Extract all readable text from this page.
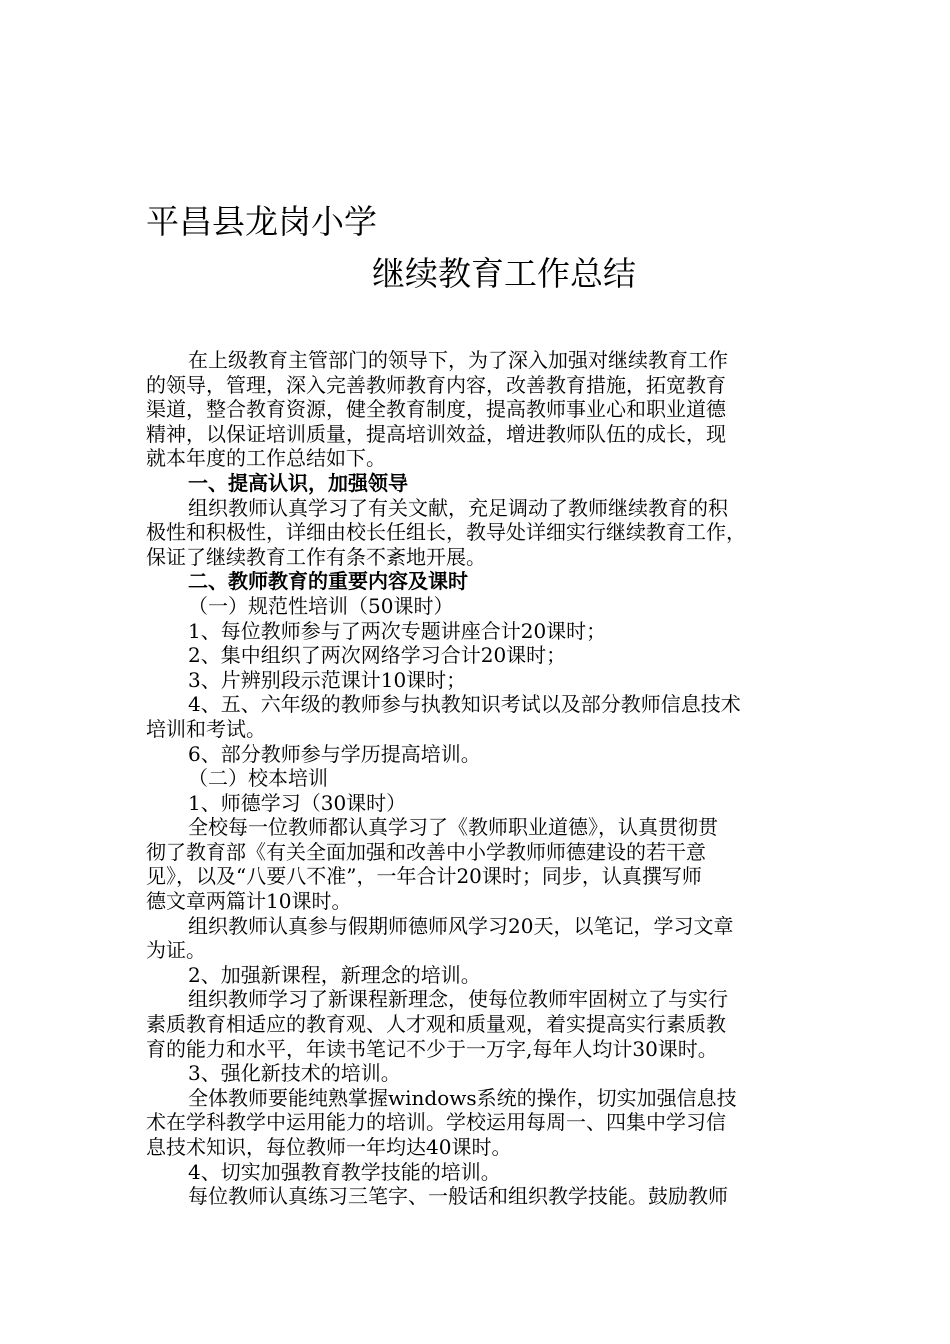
平昌县龙岗小学
继续教育工作总结
在上级教育主管部门的领导下，为了深入加强对继续教育工作
的领导，管理，深入完善教师教育内容，改善教育措施，拓宽教育
渠道，整合教育资源，健全教育制度，提高教师事业心和职业道德
精神，以保证培训质量，提高培训效益，增进教师队伍的成长，现
就本年度的工作总结如下。
一、提高认识，加强领导
组织教师认真学习了有关文献，充足调动了教师继续教育的积
极性和积极性，详细由校长任组长，教导处详细实行继续教育工作，
保证了继续教育工作有条不紊地开展。
二、教师教育的重要内容及课时
（一）规范性培训（50课时）
1、每位教师参与了两次专题讲座合计20课时；
2、集中组织了两次网络学习合计20课时；
3、片辨别段示范课计10课时；
4、五、六年级的教师参与执教知识考试以及部分教师信息技术
培训和考试。
6、部分教师参与学历提高培训。
（二）校本培训
1、师德学习（30课时）
全校每一位教师都认真学习了《教师职业道德》，认真贯彻贯
彻了教育部《有关全面加强和改善中小学教师师德建设的若干意
见》，以及“八要八不准”，一年合计20课时；同步，认真撰写师
德文章两篇计10课时。
组织教师认真参与假期师德师风学习20天，以笔记，学习文章
为证。
2、加强新课程，新理念的培训。
组织教师学习了新课程新理念，使每位教师牢固树立了与实行
素质教育相适应的教育观、人才观和质量观，着实提高实行素质教
育的能力和水平，年读书笔记不少于一万字,每年人均计30课时。
3、强化新技术的培训。
全体教师要能纯熟掌握windows系统的操作，切实加强信息技
术在学科教学中运用能力的培训。学校运用每周一、四集中学习信
息技术知识，每位教师一年均达40课时。
4、切实加强教育教学技能的培训。
每位教师认真练习三笔字、一般话和组织教学技能。鼓励教师
